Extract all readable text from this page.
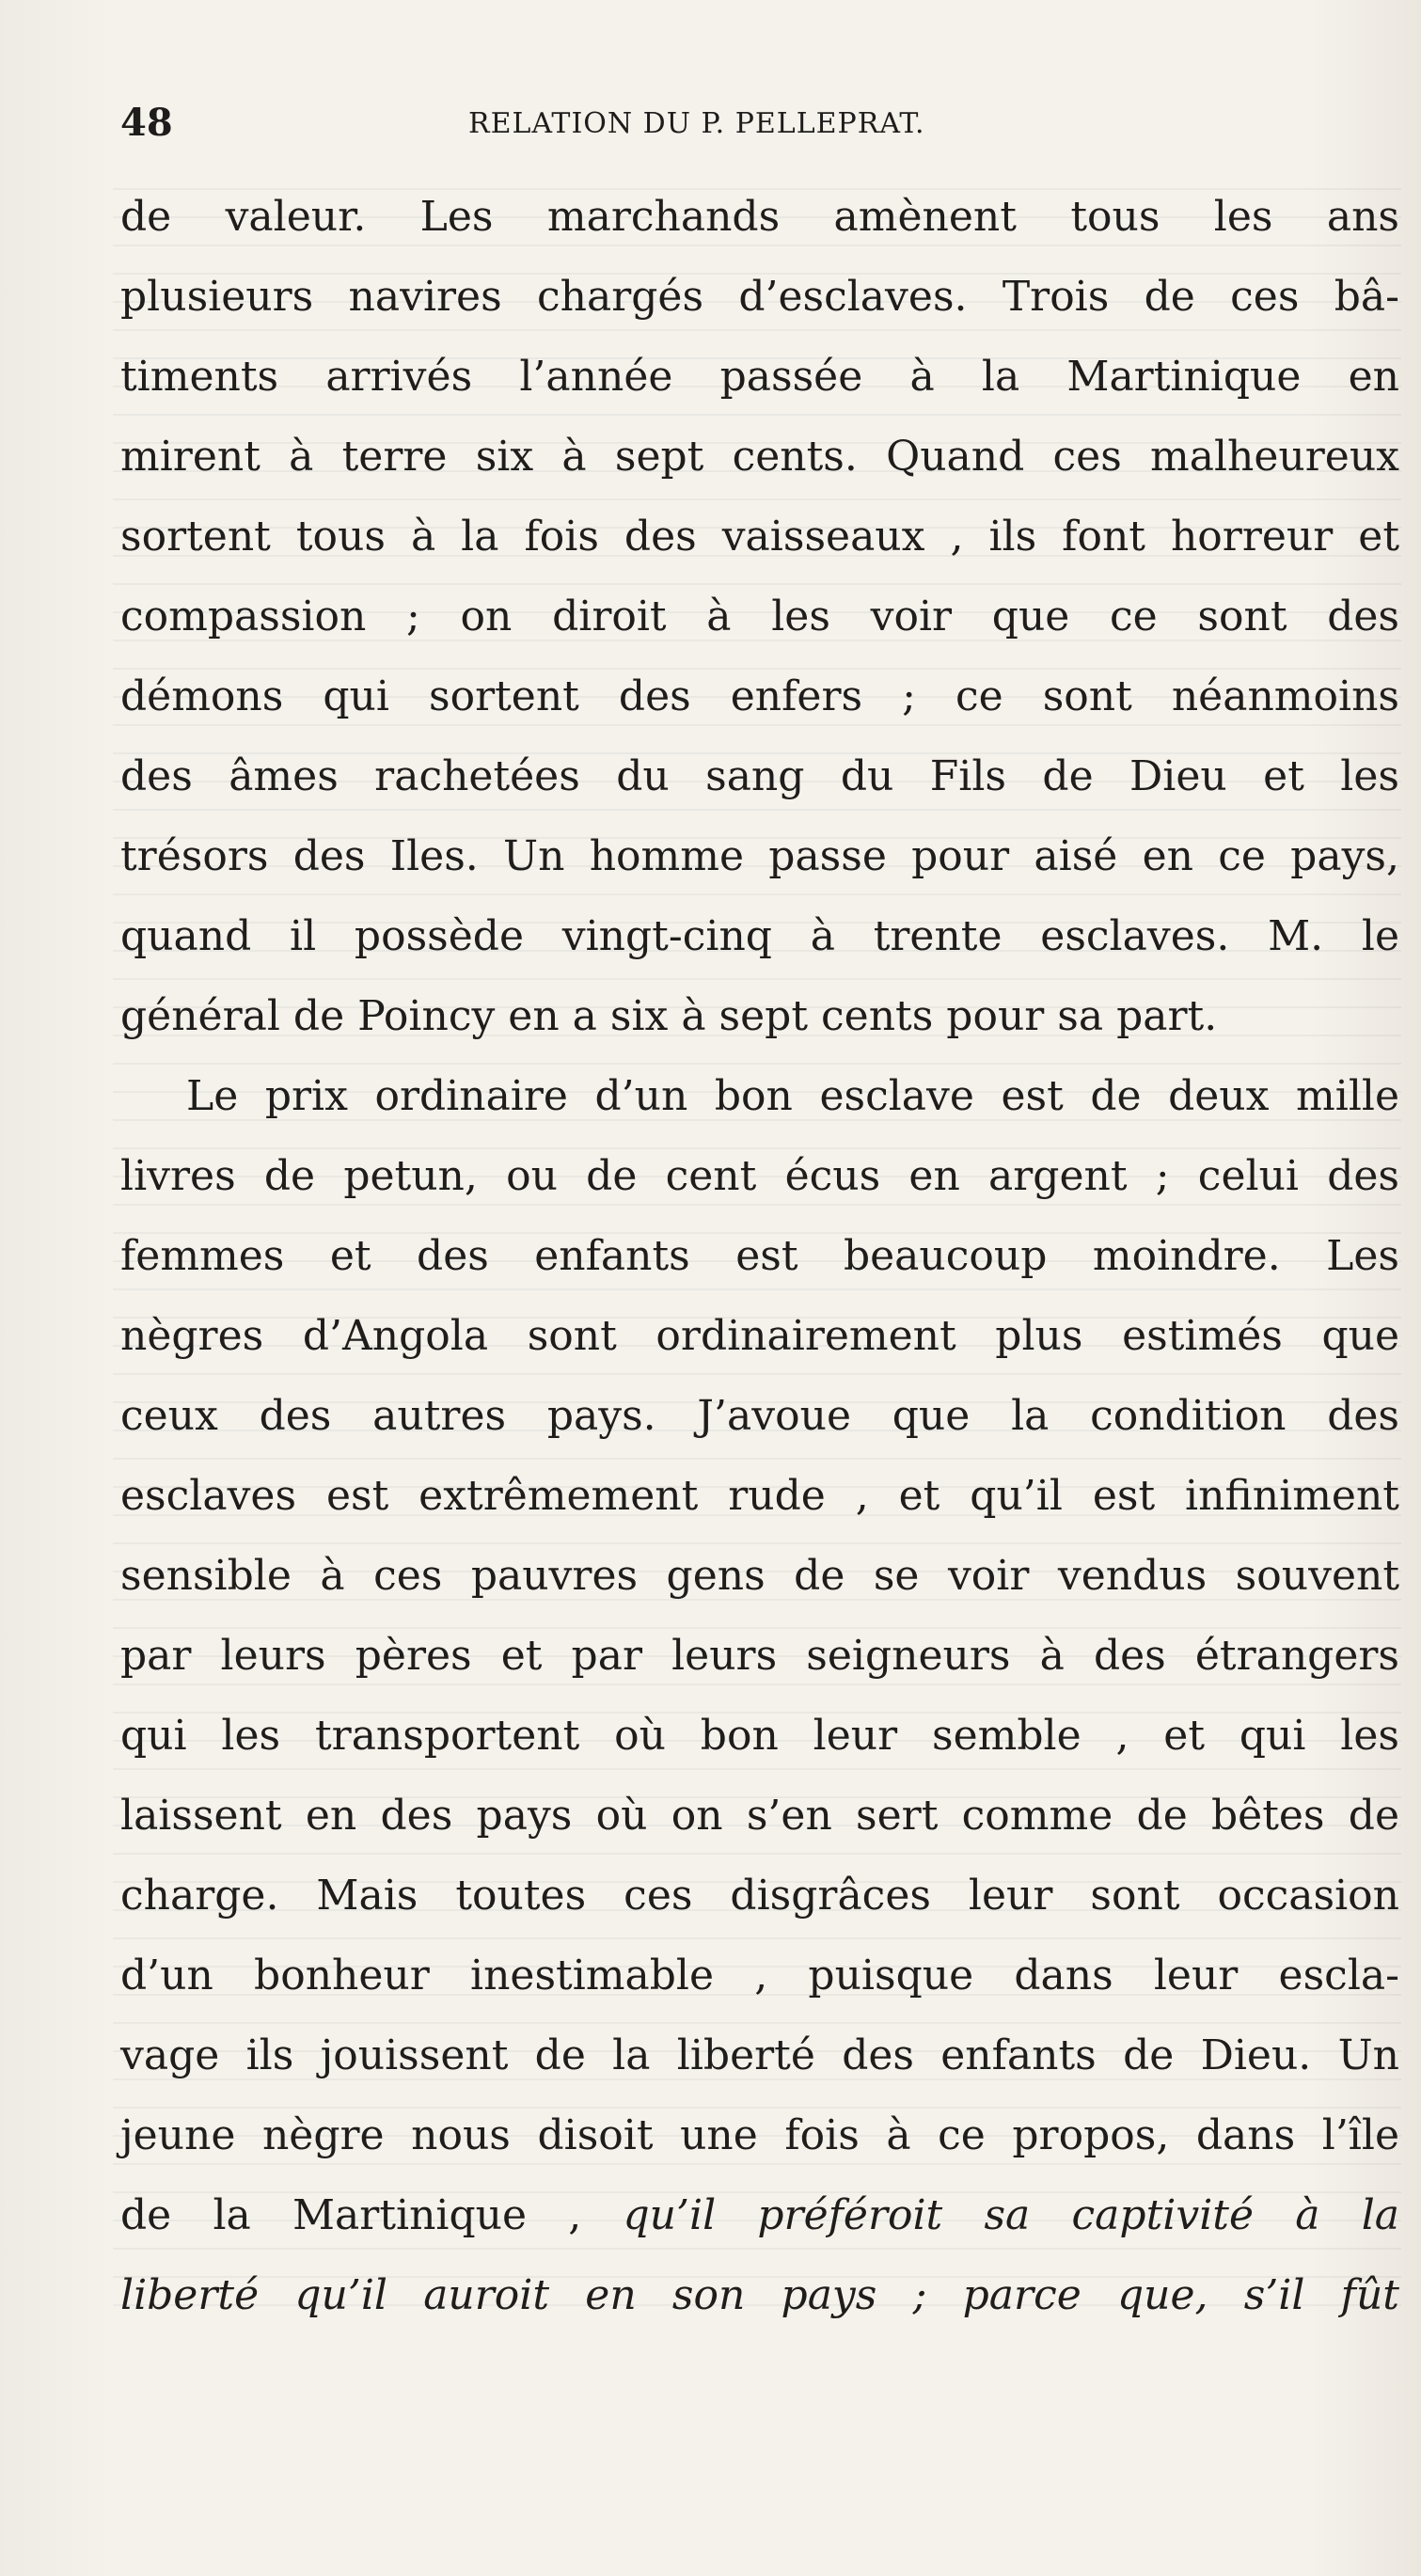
48	RELATION DU P. PELLEPRAT.
de valeur. Les marchands amènent tous les ans
plusieurs navires chargés d’esclaves. Trois de ces bâ-
timents arrivés l’année passée à la Martinique en
mirent à terre six à sept cents. Quand ces malheureux
sortent tous à la fois des vaisseaux , ils font horreur et
compassion ; on diroit à les voir que ce sont des
démons qui sortent des enfers ; ce sont néanmoins
des âmes rachetées du sang du Fils de Dieu et les
trésors des Iles. Un homme passe pour aisé en ce pays,
quand il possède vingt-cinq à trente esclaves. M. le
général de Poincy en a six à sept cents pour sa part.
Le prix ordinaire d’un bon esclave est de deux mille
livres de petun, ou de cent écus en argent ; celui des
femmes et des enfants est beaucoup moindre. Les
nègres d’Angola sont ordinairement plus estimés que
ceux des autres pays. J’avoue que la condition des
esclaves est extrêmement rude , et qu’il est infiniment
sensible à ces pauvres gens de se voir vendus souvent
par leurs pères et par leurs seigneurs à des étrangers
qui les transportent où bon leur semble , et qui les
laissent en des pays où on s’en sert comme de bêtes de
charge. Mais toutes ces disgrâces leur sont occasion
d’un bonheur inestimable , puisque dans leur escla-
vage ils jouissent de la liberté des enfants de Dieu. Un
jeune nègre nous disoit une fois à ce propos, dans l’île
de la Martinique , qu’il préféroit sa captivité à la
liberté qu’il auroit en son pays ; parce que, s’il fût
